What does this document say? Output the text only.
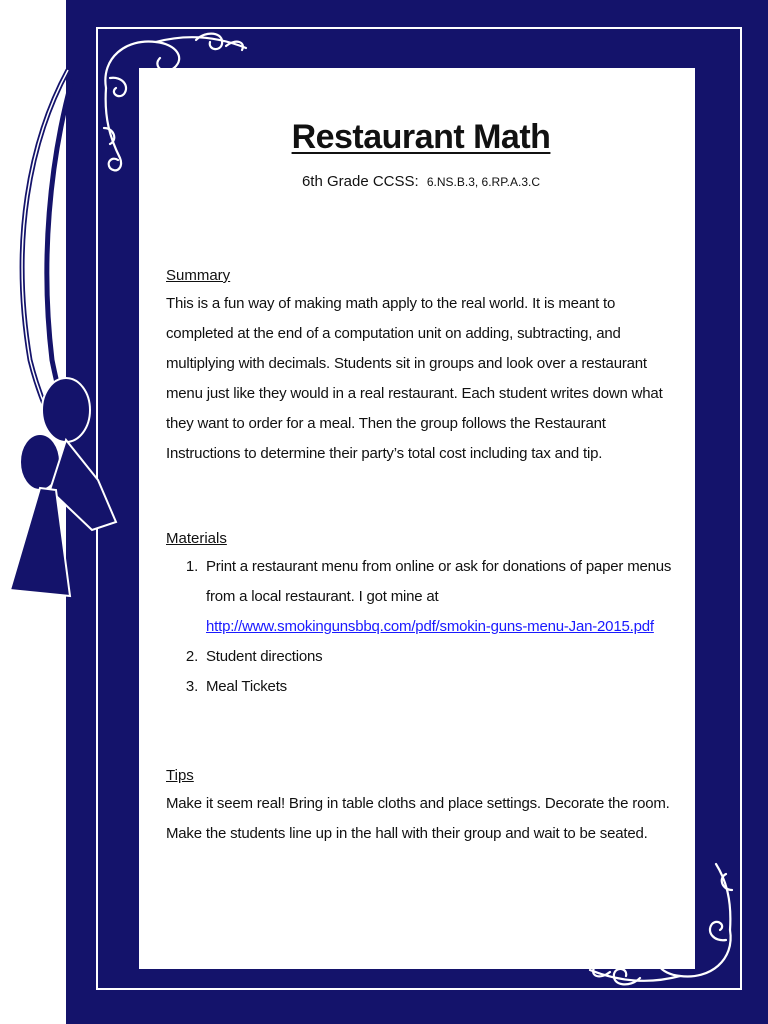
Restaurant Math
6th Grade CCSS: 6.NS.B.3, 6.RP.A.3.C

Summary

This is a fun way of making math apply to the real world. It is meant to completed at the end of a computation unit on adding, subtracting, and multiplying with decimals. Students sit in groups and look over a restaurant menu just like they would in a real restaurant. Each student writes down what they want to order for a meal. Then the group follows the Restaurant Instructions to determine their party’s total cost including tax and tip.

Materials

1. Print a restaurant menu from online or ask for donations of paper menus from a local restaurant. I got mine at
http://www.smokingunsbbq.com/pdf/smokin-guns-menu-Jan-2015.pdf
2. Student directions
3. Meal Tickets

Tips

Make it seem real! Bring in table cloths and place settings. Decorate the room. Make the students line up in the hall with their group and wait to be seated.
